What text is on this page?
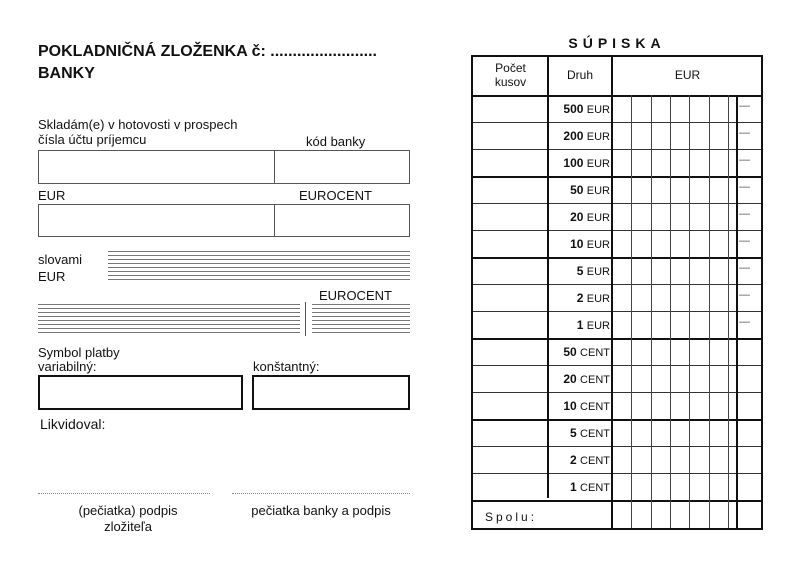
POKLADNIČNÁ ZLOŽENKA č: ........................
BANKY
Skladám(e) v hotovosti v prospech
čísla účtu príjemcu	kód banky
EUR	EUROCENT
slovami
EUR
EUROCENT
Symbol platby
variabilný:	konštantný:
Likvidoval:
(pečiatka) podpis
zložiteľa
pečiatka banky a podpis
SÚPISKA
Počet
kusov	Druh	EUR
500 EUR	—
200 EUR	—
100 EUR	—
50 EUR	—
20 EUR	—
10 EUR	—
5 EUR	—
2 EUR	—
1 EUR	—
50 CENT
20 CENT
10 CENT
5 CENT
2 CENT
1 CENT
Spolu:
